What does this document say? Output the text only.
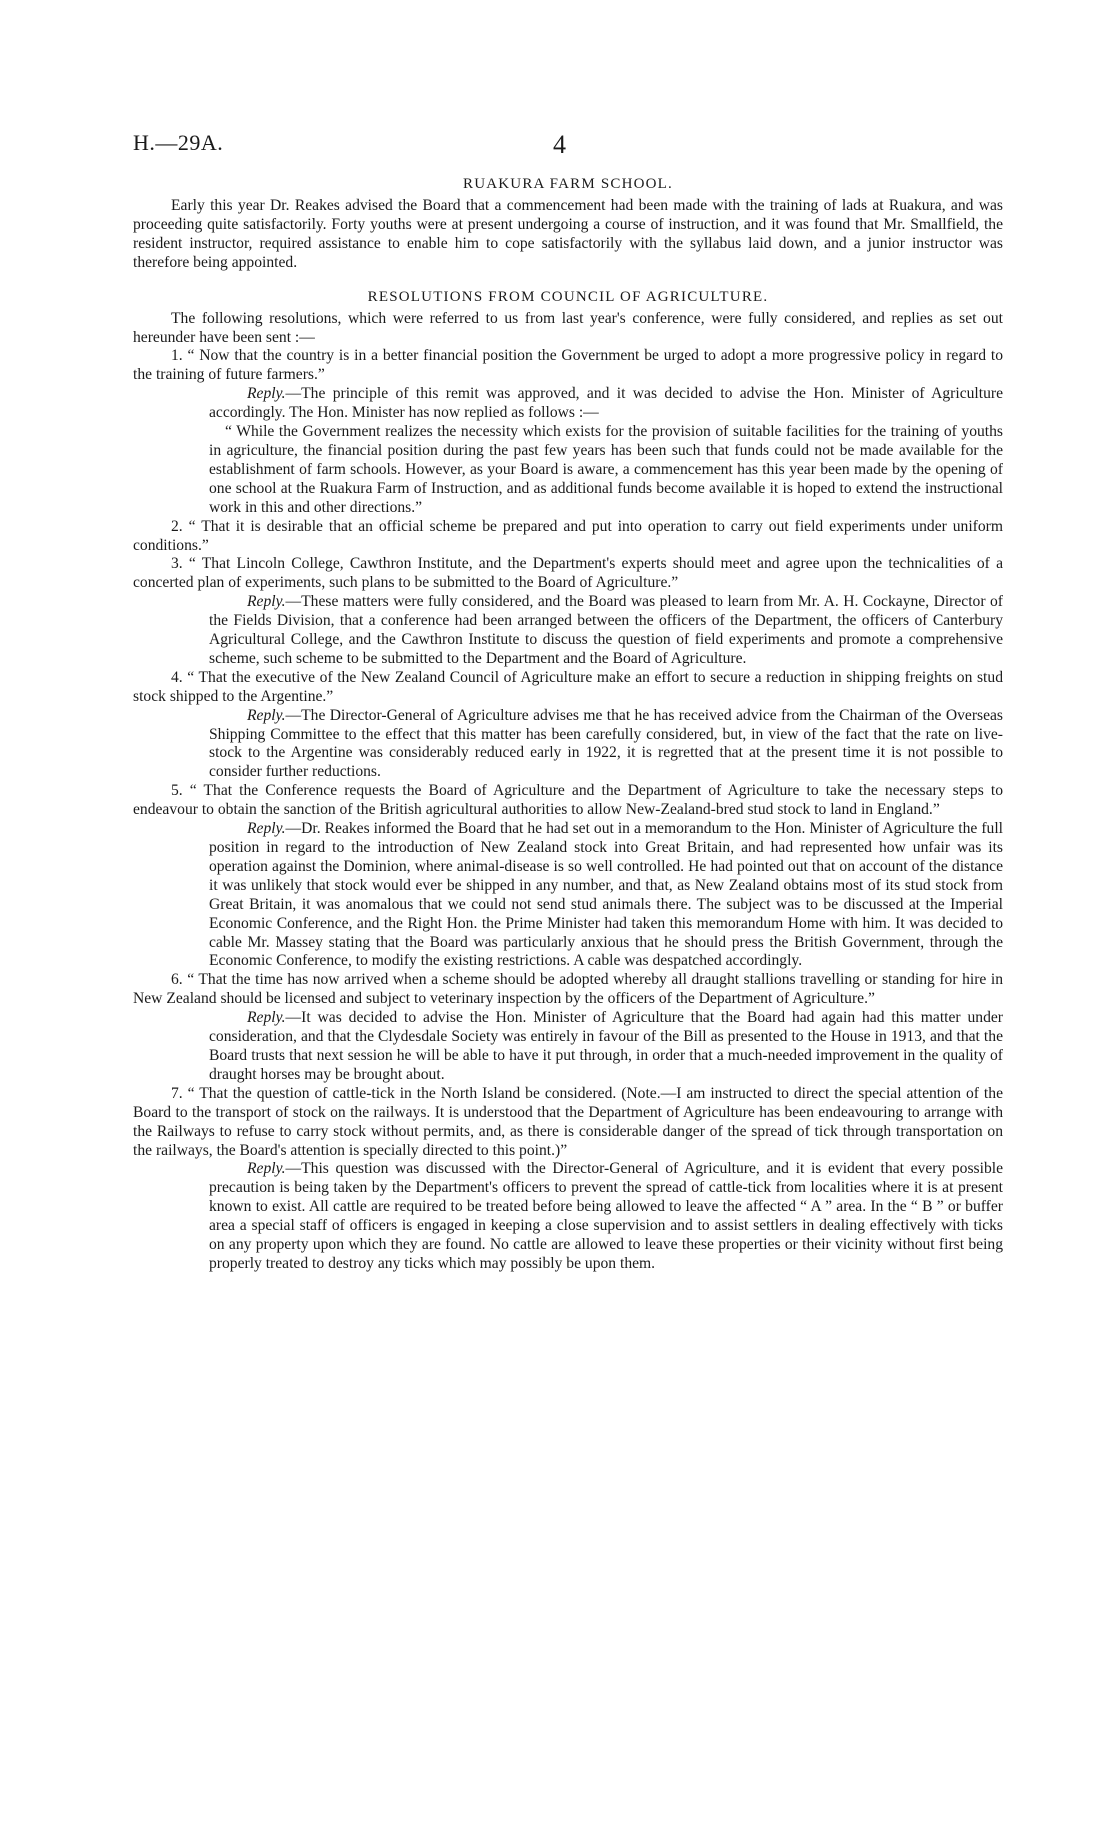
H.—29A.	4
RUAKURA FARM SCHOOL.

Early this year Dr. Reakes advised the Board that a commencement had been made with the training of lads at Ruakura, and was proceeding quite satisfactorily. Forty youths were at present undergoing a course of instruction, and it was found that Mr. Smallfield, the resident instructor, required assistance to enable him to cope satisfactorily with the syllabus laid down, and a junior instructor was therefore being appointed.

RESOLUTIONS FROM COUNCIL OF AGRICULTURE.

The following resolutions, which were referred to us from last year's conference, were fully considered, and replies as set out hereunder have been sent :—

1. “ Now that the country is in a better financial position the Government be urged to adopt a more progressive policy in regard to the training of future farmers.”

Reply.—The principle of this remit was approved, and it was decided to advise the Hon. Minister of Agriculture accordingly. The Hon. Minister has now replied as follows :—

“ While the Government realizes the necessity which exists for the provision of suitable facilities for the training of youths in agriculture, the financial position during the past few years has been such that funds could not be made available for the establishment of farm schools. However, as your Board is aware, a commencement has this year been made by the opening of one school at the Ruakura Farm of Instruction, and as additional funds become available it is hoped to extend the instructional work in this and other directions.”

2. “ That it is desirable that an official scheme be prepared and put into operation to carry out field experiments under uniform conditions.”

3. “ That Lincoln College, Cawthron Institute, and the Department's experts should meet and agree upon the technicalities of a concerted plan of experiments, such plans to be submitted to the Board of Agriculture.”

Reply.—These matters were fully considered, and the Board was pleased to learn from Mr. A. H. Cockayne, Director of the Fields Division, that a conference had been arranged between the officers of the Department, the officers of Canterbury Agricultural College, and the Cawthron Institute to discuss the question of field experiments and promote a comprehensive scheme, such scheme to be submitted to the Department and the Board of Agriculture.

4. “ That the executive of the New Zealand Council of Agriculture make an effort to secure a reduction in shipping freights on stud stock shipped to the Argentine.”

Reply.—The Director-General of Agriculture advises me that he has received advice from the Chairman of the Overseas Shipping Committee to the effect that this matter has been carefully considered, but, in view of the fact that the rate on live-stock to the Argentine was considerably reduced early in 1922, it is regretted that at the present time it is not possible to consider further reductions.

5. “ That the Conference requests the Board of Agriculture and the Department of Agriculture to take the necessary steps to endeavour to obtain the sanction of the British agricultural authorities to allow New-Zealand-bred stud stock to land in England.”

Reply.—Dr. Reakes informed the Board that he had set out in a memorandum to the Hon. Minister of Agriculture the full position in regard to the introduction of New Zealand stock into Great Britain, and had represented how unfair was its operation against the Dominion, where animal-disease is so well controlled. He had pointed out that on account of the distance it was unlikely that stock would ever be shipped in any number, and that, as New Zealand obtains most of its stud stock from Great Britain, it was anomalous that we could not send stud animals there. The subject was to be discussed at the Imperial Economic Conference, and the Right Hon. the Prime Minister had taken this memorandum Home with him. It was decided to cable Mr. Massey stating that the Board was particularly anxious that he should press the British Government, through the Economic Conference, to modify the existing restrictions. A cable was despatched accordingly.

6. “ That the time has now arrived when a scheme should be adopted whereby all draught stallions travelling or standing for hire in New Zealand should be licensed and subject to veterinary inspection by the officers of the Department of Agriculture.”

Reply.—It was decided to advise the Hon. Minister of Agriculture that the Board had again had this matter under consideration, and that the Clydesdale Society was entirely in favour of the Bill as presented to the House in 1913, and that the Board trusts that next session he will be able to have it put through, in order that a much-needed improvement in the quality of draught horses may be brought about.

7. “ That the question of cattle-tick in the North Island be considered. (Note.—I am instructed to direct the special attention of the Board to the transport of stock on the railways. It is understood that the Department of Agriculture has been endeavouring to arrange with the Railways to refuse to carry stock without permits, and, as there is considerable danger of the spread of tick through transportation on the railways, the Board's attention is specially directed to this point.)”

Reply.—This question was discussed with the Director-General of Agriculture, and it is evident that every possible precaution is being taken by the Department's officers to prevent the spread of cattle-tick from localities where it is at present known to exist. All cattle are required to be treated before being allowed to leave the affected “ A ” area. In the “ B ” or buffer area a special staff of officers is engaged in keeping a close supervision and to assist settlers in dealing effectively with ticks on any property upon which they are found. No cattle are allowed to leave these properties or their vicinity without first being properly treated to destroy any ticks which may possibly be upon them.
